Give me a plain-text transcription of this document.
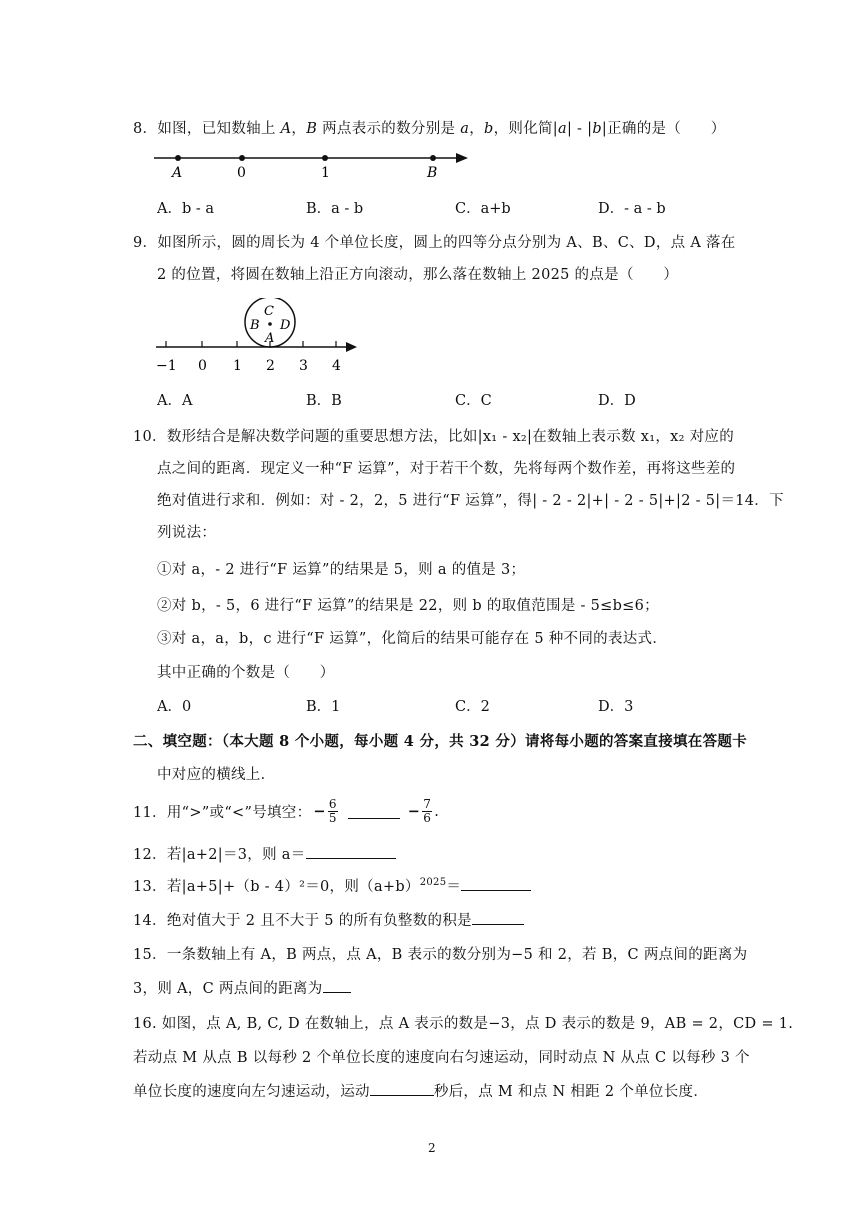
8．如图，已知数轴上 A，B 两点表示的数分别是 a，b，则化简|a| - |b|正确的是（　　）
A	0	1	B
A．b - a	B．a - b	C．a+b	D．- a - b
9．如图所示，圆的周长为 4 个单位长度，圆上的四等分点分别为 A、B、C、D，点 A 落在
2 的位置，将圆在数轴上沿正方向滚动，那么落在数轴上 2025 的点是（　　）
C
B D
A
−1 0 1 2 3 4
A．A	B．B	C．C	D．D
10．数形结合是解决数学问题的重要思想方法，比如|x₁ - x₂|在数轴上表示数 x₁，x₂ 对应的
点之间的距离．现定义一种“F 运算”，对于若干个数，先将每两个数作差，再将这些差的
绝对值进行求和．例如：对 - 2，2，5 进行“F 运算”，得| - 2 - 2|+| - 2 - 5|+|2 - 5|＝14．下
列说法：
①对 a，- 2 进行“F 运算”的结果是 5，则 a 的值是 3；
②对 b，- 5，6 进行“F 运算”的结果是 22，则 b 的取值范围是 - 5≤b≤6；
③对 a，a，b，c 进行“F 运算”，化简后的结果可能存在 5 种不同的表达式．
其中正确的个数是（　　）
A．0	B．1	C．2	D．3
二、填空题：（本大题 8 个小题，每小题 4 分，共 32 分）请将每小题的答案直接填在答题卡
中对应的横线上．
11．用“>”或“<”号填空： − $\frac{6}{5}$	− $\frac{7}{6}$ .
12．若|a+2|＝3，则 a＝
13．若|a+5|+（b - 4）²＝0，则$(a+b)^{2025}=$
14．绝对值大于 2 且不大于 5 的所有负整数的积是
15．一条数轴上有 A，B 两点，点 A，B 表示的数分别为−5 和 2，若 B，C 两点间的距离为
3，则 A，C 两点间的距离为
16. 如图，点 A, B, C, D 在数轴上，点 A 表示的数是−3，点 D 表示的数是 9，AB = 2，CD = 1.
若动点 M 从点 B 以每秒 2 个单位长度的速度向右匀速运动，同时动点 N 从点 C 以每秒 3 个
单位长度的速度向左匀速运动，运动	秒后，点 M 和点 N 相距 2 个单位长度．
2
